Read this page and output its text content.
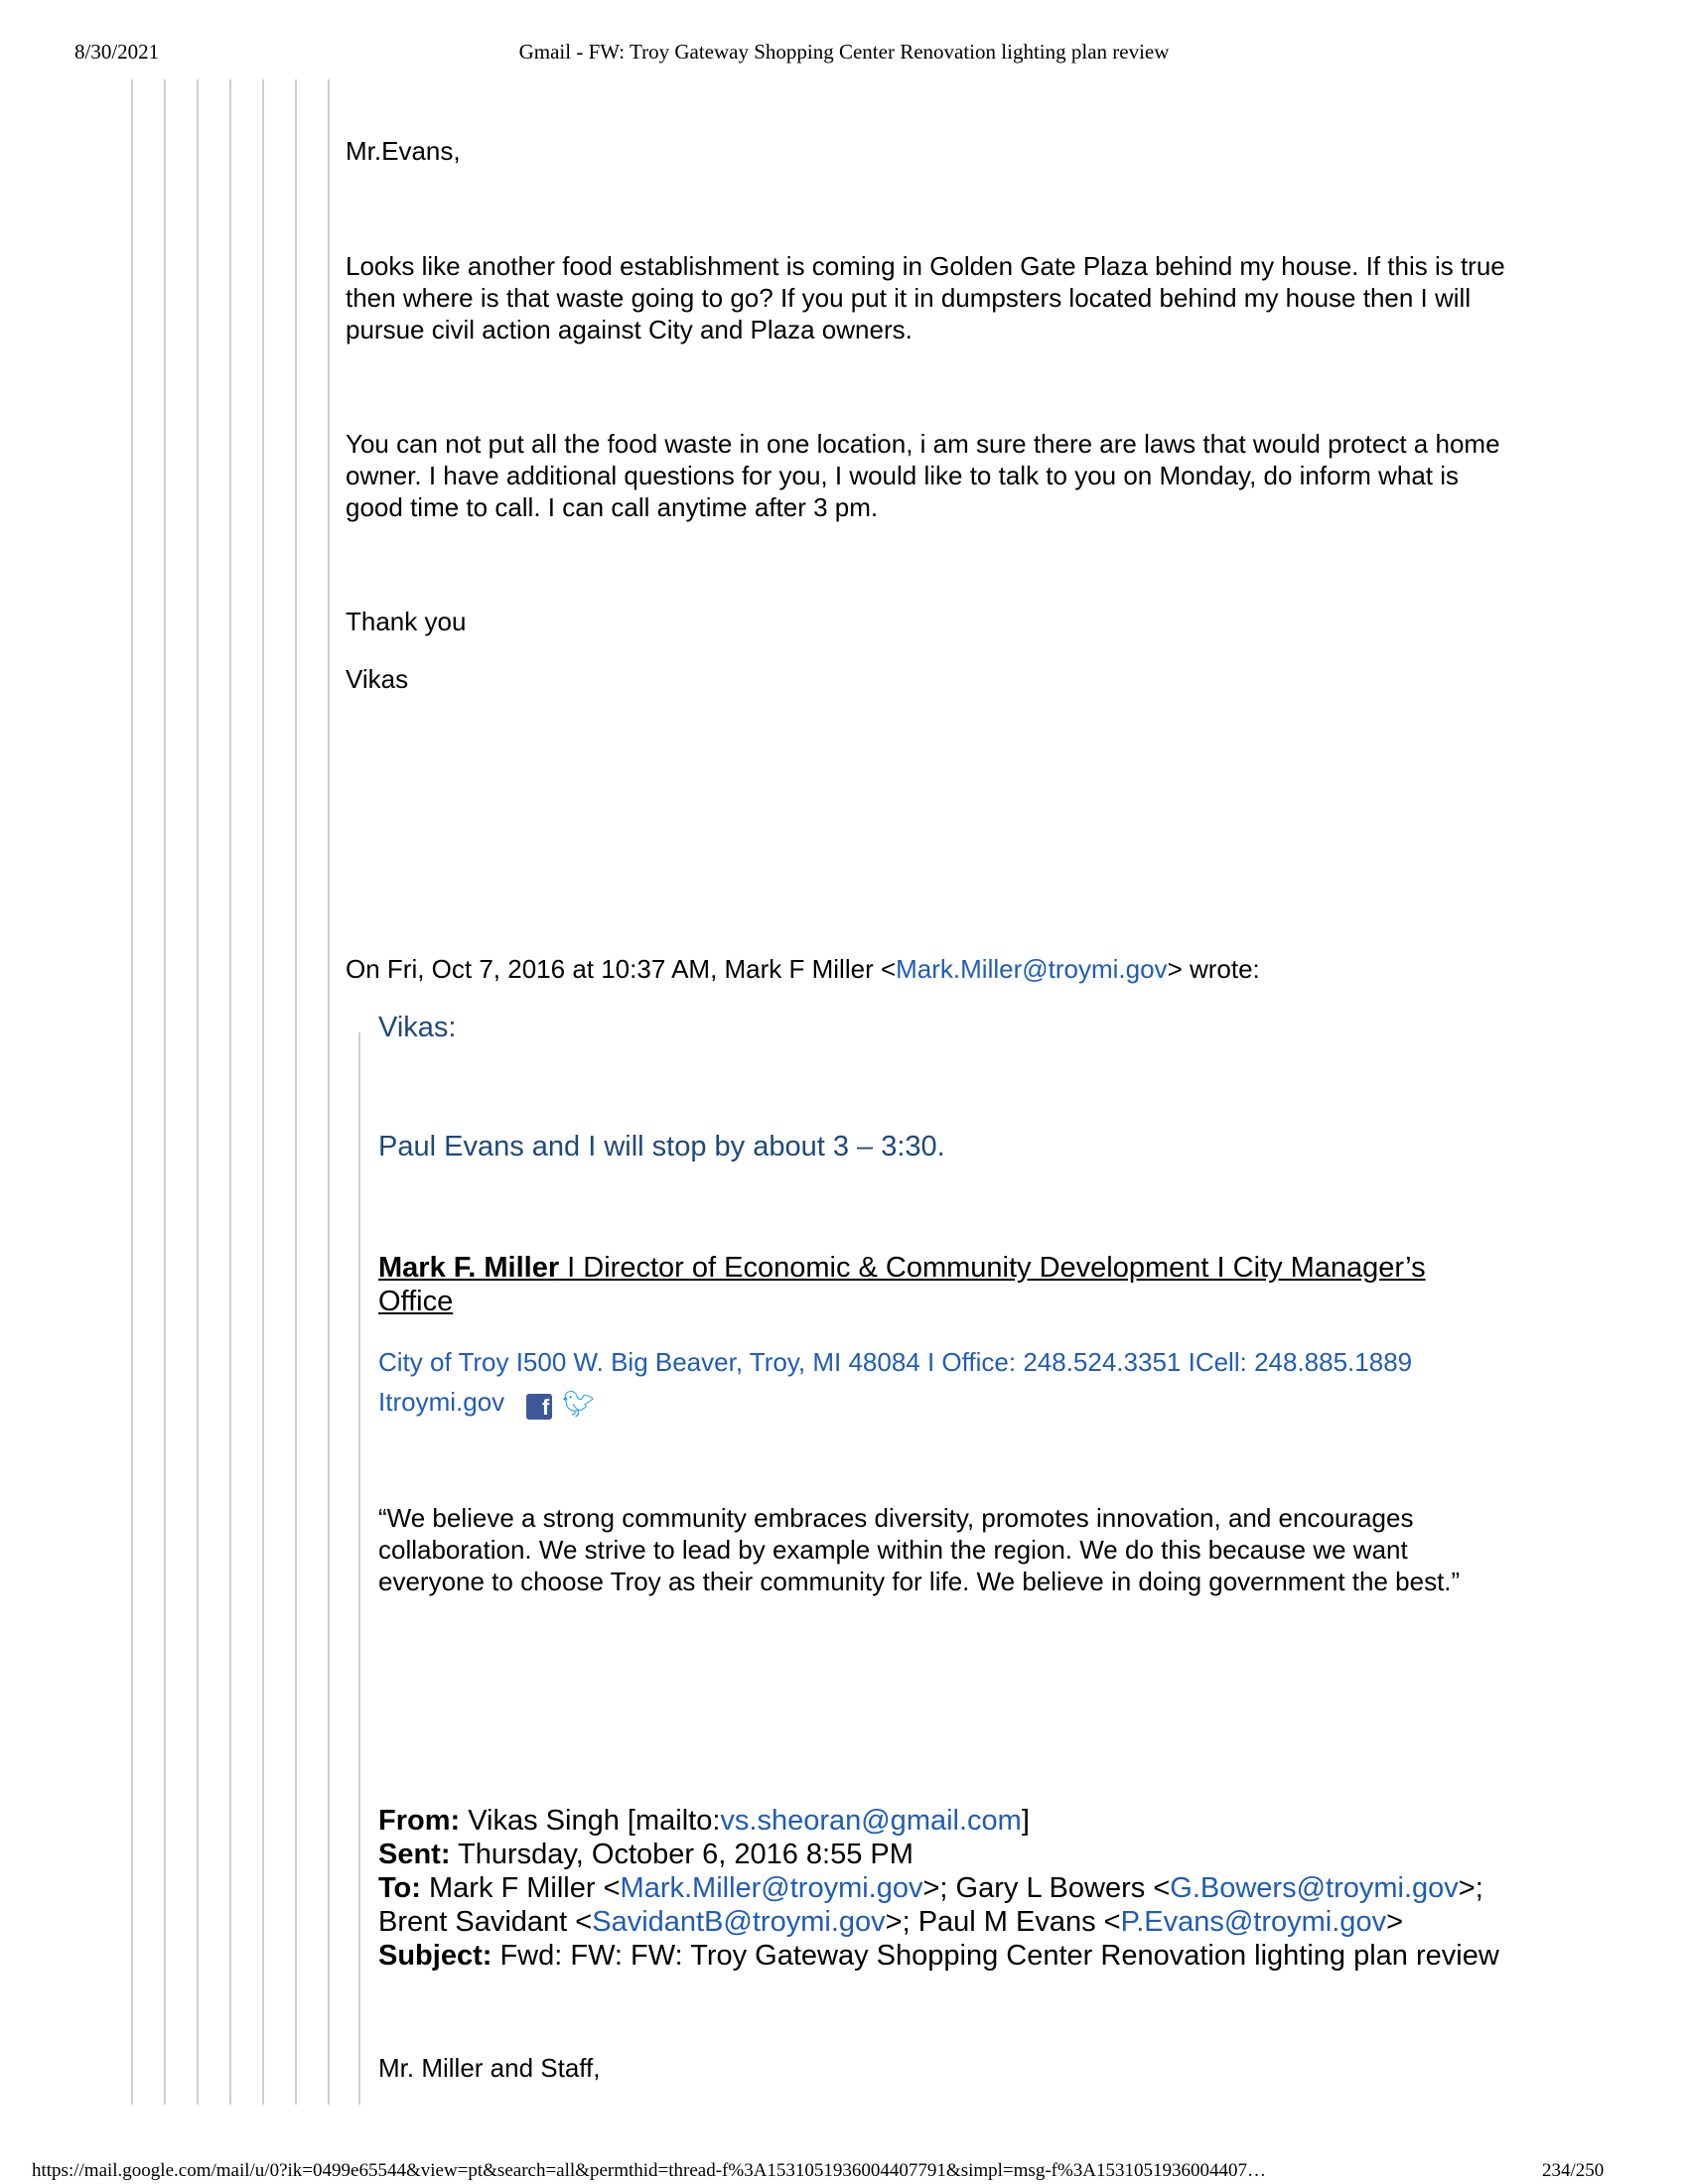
8/30/2021	Gmail - FW: Troy Gateway Shopping Center Renovation lighting plan review
Mr.Evans,
Looks like another food establishment is coming in Golden Gate Plaza behind my house. If this is true
then where is that waste going to go? If you put it in dumpsters located behind my house then I will
pursue civil action against City and Plaza owners.
You can not put all the food waste in one location, i am sure there are laws that would protect a home
owner. I have additional questions for you, I would like to talk to you on Monday, do inform what is
good time to call. I can call anytime after 3 pm.
Thank you
Vikas
On Fri, Oct 7, 2016 at 10:37 AM, Mark F Miller <Mark.Miller@troymi.gov> wrote:
Vikas:
Paul Evans and I will stop by about 3 – 3:30.
Mark F. Miller I Director of Economic & Community Development I City Manager’s
Office
City of Troy I500 W. Big Beaver, Troy, MI 48084 I Office: 248.524.3351 ICell: 248.885.1889
Itroymi.gov f 🐦︎
“We believe a strong community embraces diversity, promotes innovation, and encourages
collaboration. We strive to lead by example within the region. We do this because we want
everyone to choose Troy as their community for life. We believe in doing government the best.”
From: Vikas Singh [mailto:vs.sheoran@gmail.com]
Sent: Thursday, October 6, 2016 8:55 PM
To: Mark F Miller <Mark.Miller@troymi.gov>; Gary L Bowers <G.Bowers@troymi.gov>;
Brent Savidant <SavidantB@troymi.gov>; Paul M Evans <P.Evans@troymi.gov>
Subject: Fwd: FW: FW: Troy Gateway Shopping Center Renovation lighting plan review
Mr. Miller and Staff,
https://mail.google.com/mail/u/0?ik=0499e65544&view=pt&search=all&permthid=thread-f%3A1531051936004407791&simpl=msg-f%3A1531051936004407…	234/250
